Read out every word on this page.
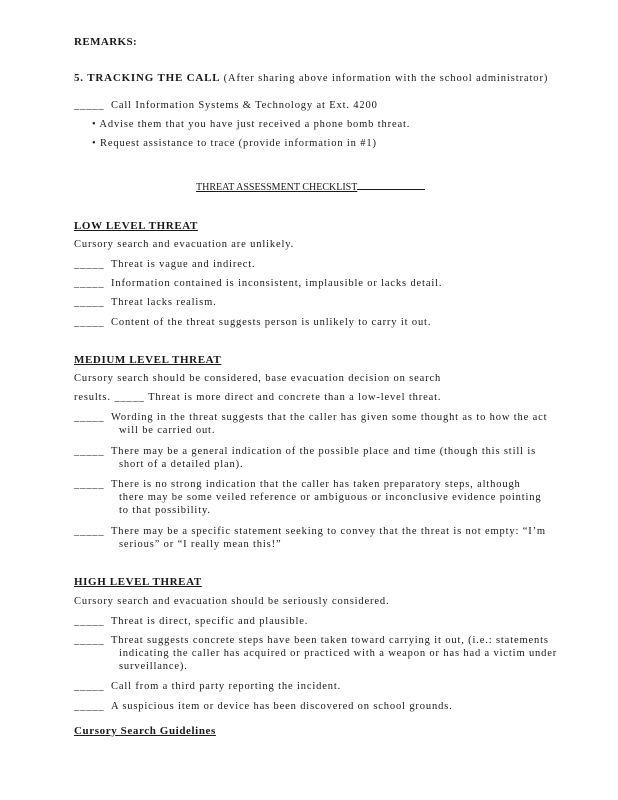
REMARKS:
5. TRACKING THE CALL (After sharing above information with the school administrator)
_____ Call Information Systems & Technology at Ext. 4200
• Advise them that you have just received a phone bomb threat.
• Request assistance to trace (provide information in #1)
THREAT ASSESSMENT CHECKLIST
LOW LEVEL THREAT
Cursory search and evacuation are unlikely.
_____ Threat is vague and indirect.
_____ Information contained is inconsistent, implausible or lacks detail.
_____ Threat lacks realism.
_____ Content of the threat suggests person is unlikely to carry it out.
MEDIUM LEVEL THREAT
Cursory search should be considered, base evacuation decision on search
results. _____ Threat is more direct and concrete than a low-level threat.
_____ Wording in the threat suggests that the caller has given some thought as to how the act
will be carried out.
_____ There may be a general indication of the possible place and time (though this still is
short of a detailed plan).
_____ There is no strong indication that the caller has taken preparatory steps, although
there may be some veiled reference or ambiguous or inconclusive evidence pointing
to that possibility.
_____ There may be a specific statement seeking to convey that the threat is not empty: “I’m
serious” or “I really mean this!”
HIGH LEVEL THREAT
Cursory search and evacuation should be seriously considered.
_____ Threat is direct, specific and plausible.
_____ Threat suggests concrete steps have been taken toward carrying it out, (i.e.: statements
indicating the caller has acquired or practiced with a weapon or has had a victim under
surveillance).
_____ Call from a third party reporting the incident.
_____ A suspicious item or device has been discovered on school grounds.
Cursory Search Guidelines
